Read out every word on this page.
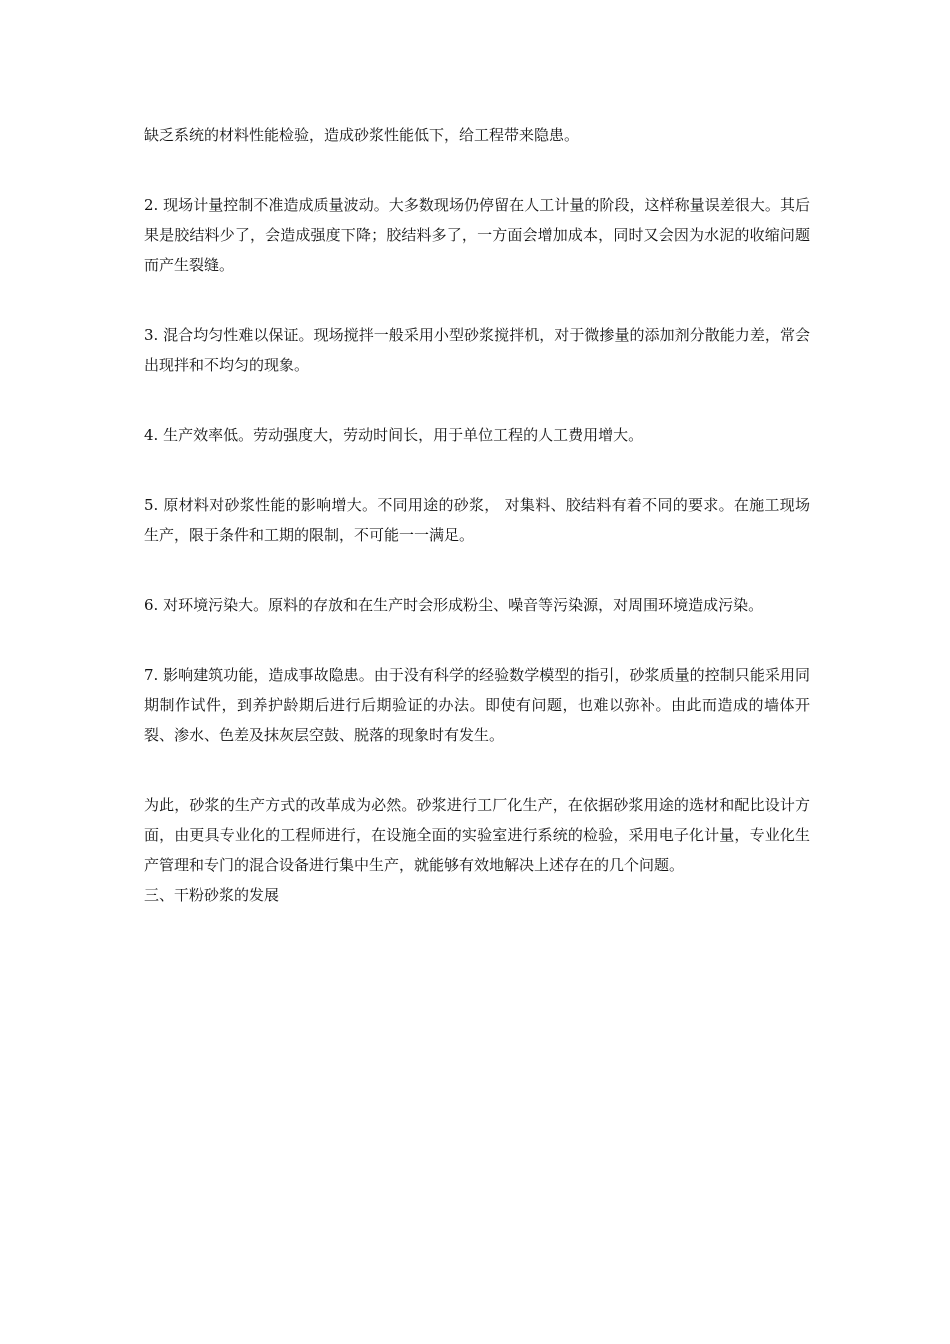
缺乏系统的材料性能检验，造成砂浆性能低下，给工程带来隐患。

2. 现场计量控制不准造成质量波动。大多数现场仍停留在人工计量的阶段，这样称量误差很大。其后果是胶结料少了，会造成强度下降；胶结料多了，一方面会增加成本，同时又会因为水泥的收缩问题而产生裂缝。

3. 混合均匀性难以保证。现场搅拌一般采用小型砂浆搅拌机，对于微掺量的添加剂分散能力差，常会出现拌和不均匀的现象。

4. 生产效率低。劳动强度大，劳动时间长，用于单位工程的人工费用增大。

5. 原材料对砂浆性能的影响增大。不同用途的砂浆， 对集料、胶结料有着不同的要求。在施工现场生产，限于条件和工期的限制，不可能一一满足。

6. 对环境污染大。原料的存放和在生产时会形成粉尘、噪音等污染源，对周围环境造成污染。

7. 影响建筑功能，造成事故隐患。由于没有科学的经验数学模型的指引，砂浆质量的控制只能采用同期制作试件，到养护龄期后进行后期验证的办法。即使有问题，也难以弥补。由此而造成的墙体开裂、渗水、色差及抹灰层空鼓、脱落的现象时有发生。

为此，砂浆的生产方式的改革成为必然。砂浆进行工厂化生产，在依据砂浆用途的选材和配比设计方面，由更具专业化的工程师进行，在设施全面的实验室进行系统的检验，采用电子化计量，专业化生产管理和专门的混合设备进行集中生产，就能够有效地解决上述存在的几个问题。

三、干粉砂浆的发展
